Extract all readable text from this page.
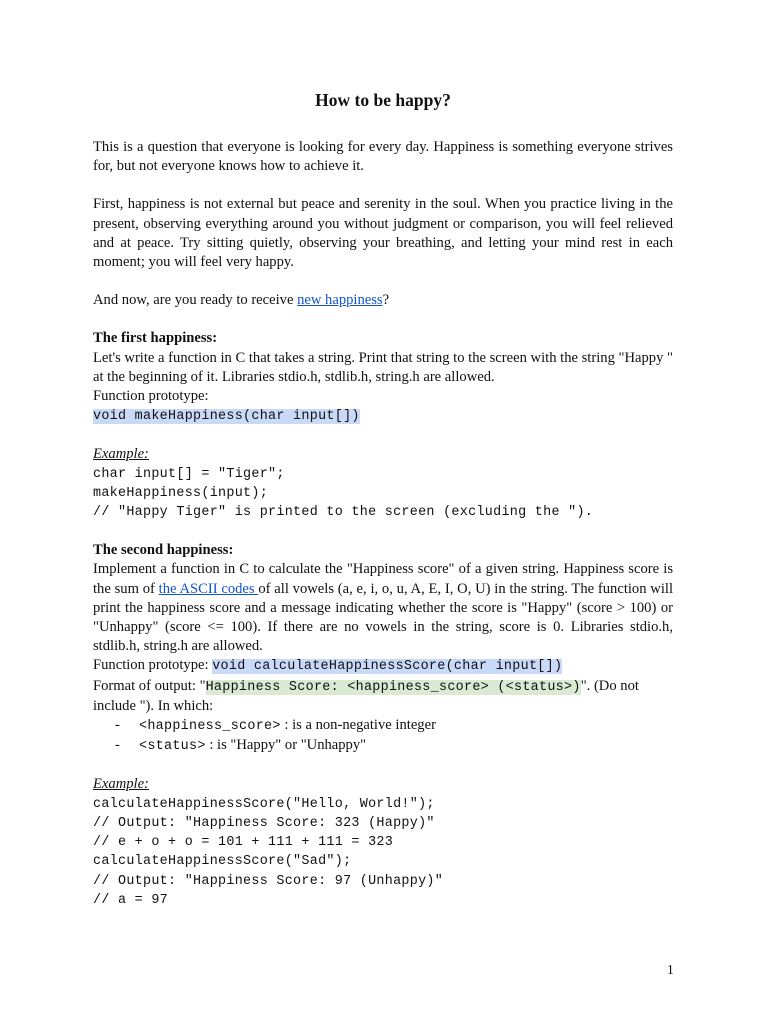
How to be happy?

This is a question that everyone is looking for every day. Happiness is something everyone strives for, but not everyone knows how to achieve it.

First, happiness is not external but peace and serenity in the soul. When you practice living in the present, observing everything around you without judgment or comparison, you will feel relieved and at peace. Try sitting quietly, observing your breathing, and letting your mind rest in each moment; you will feel very happy.

And now, are you ready to receive new happiness?

The first happiness:

Let's write a function in C that takes a string. Print that string to the screen with the string "Happy " at the beginning of it. Libraries stdio.h, stdlib.h, string.h are allowed.

Function prototype:

void makeHappiness(char input[])

Example:

char input[] = "Tiger";
makeHappiness(input);
// "Happy Tiger" is printed to the screen (excluding the ").

The second happiness:

Implement a function in C to calculate the "Happiness score" of a given string. Happiness score is the sum of the ASCII codes of all vowels (a, e, i, o, u, A, E, I, O, U) in the string. The function will print the happiness score and a message indicating whether the score is "Happy" (score > 100) or "Unhappy" (score <= 100). If there are no vowels in the string, score is 0. Libraries stdio.h, stdlib.h, string.h are allowed.

Function prototype: void calculateHappinessScore(char input[])

Format of output: "Happiness Score: <happiness_score> (<status>)". (Do not include "). In which:

- <happiness_score> : is a non-negative integer
- <status> : is "Happy" or "Unhappy"

Example:

calculateHappinessScore("Hello, World!");
// Output: "Happiness Score: 323 (Happy)"
// e + o + o = 101 + 111 + 111 = 323
calculateHappinessScore("Sad");
// Output: "Happiness Score: 97 (Unhappy)"
// a = 97
1
